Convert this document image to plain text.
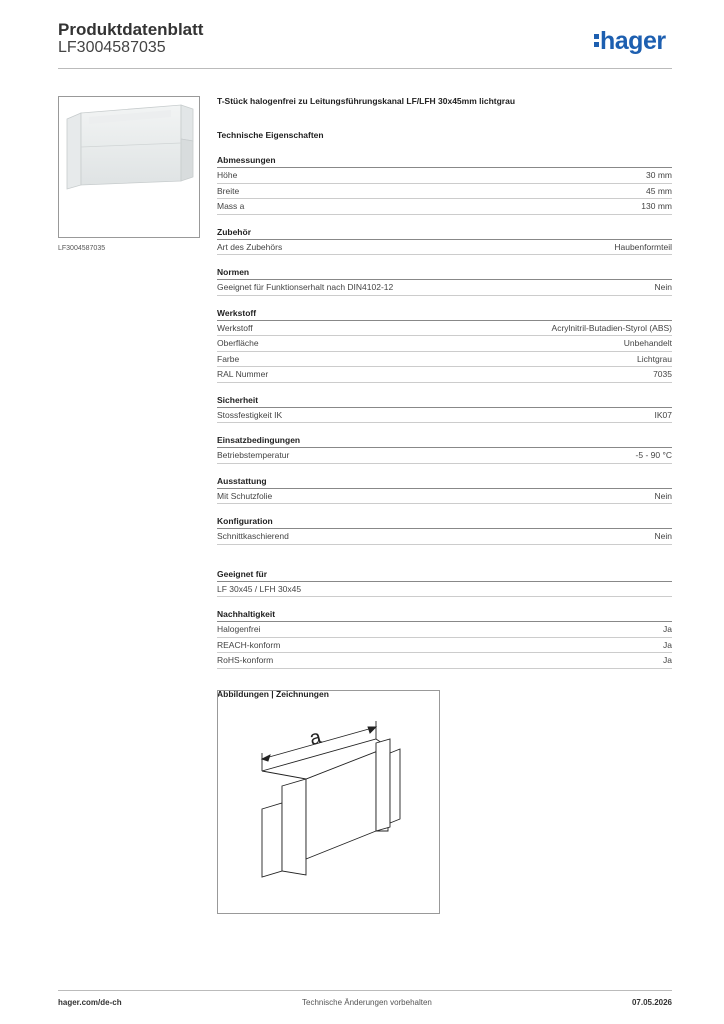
Produktdatenblatt
LF3004587035	hager
LF3004587035
T-Stück halogenfrei zu Leitungsführungskanal LF/LFH 30x45mm lichtgrau
Technische Eigenschaften
Abmessungen
Höhe	30 mm
Breite	45 mm
Mass a	130 mm
Zubehör
Art des Zubehörs	Haubenformteil
Normen
Geeignet für Funktionserhalt nach DIN4102-12	Nein
Werkstoff
Werkstoff	Acrylnitril-Butadien-Styrol (ABS)
Oberfläche	Unbehandelt
Farbe	Lichtgrau
RAL Nummer	7035
Sicherheit
Stossfestigkeit IK	IK07
Einsatzbedingungen
Betriebstemperatur	-5 - 90 °C
Ausstattung
Mit Schutzfolie	Nein
Konfiguration
Schnittkaschierend	Nein
Geeignet für
LF 30x45 / LFH 30x45
Nachhaltigkeit
Halogenfrei	Ja
REACH-konform	Ja
RoHS-konform	Ja
Abbildungen | Zeichnungen
a
hager.com/de-ch	Technische Änderungen vorbehalten	07.05.2026
